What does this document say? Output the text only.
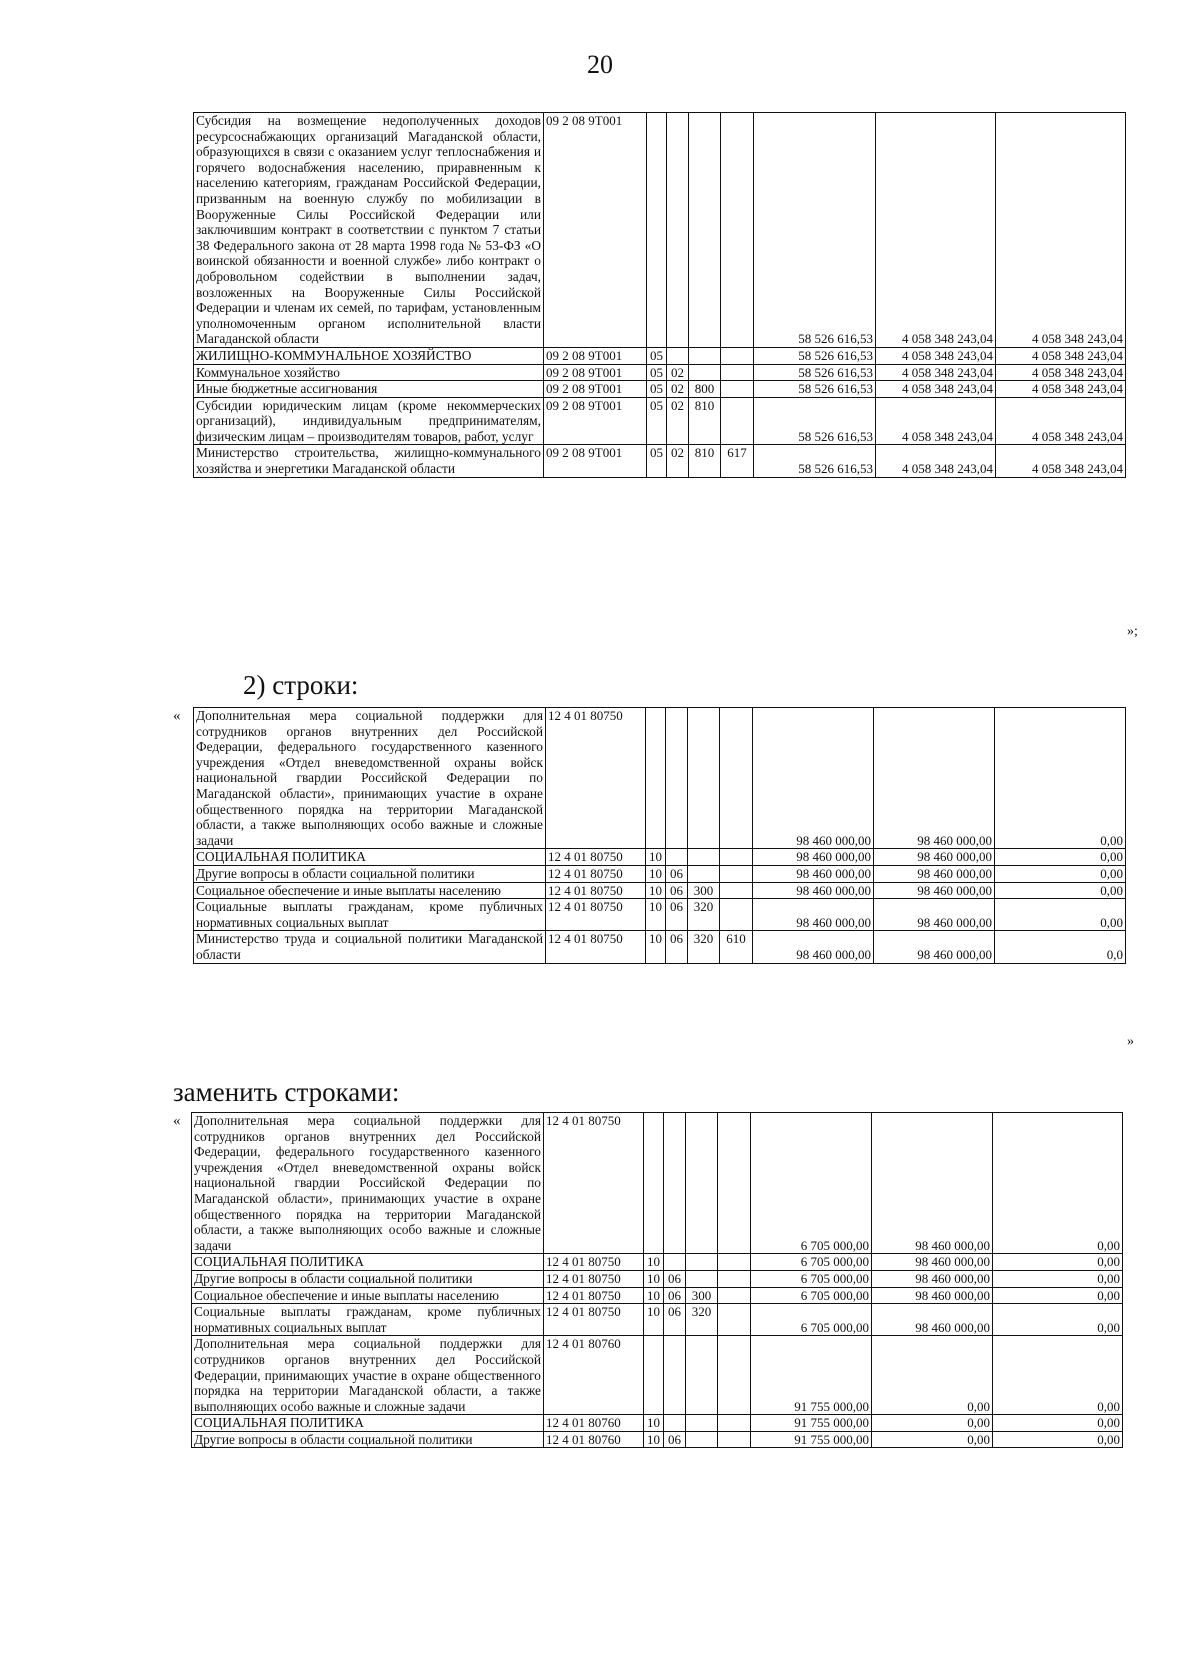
20
Субсидия на возмещение недополученных доходов ресурсоснабжающих организаций Магаданской области, образующихся в связи с оказанием услуг теплоснабжения и горячего водоснабжения населению, приравненным к населению категориям, гражданам Российской Федерации, призванным на военную службу по мобилизации в Вооруженные Силы Российской Федерации или заключившим контракт в соответствии с пунктом 7 статьи 38 Федерального закона от 28 марта 1998 года № 53-ФЗ «О воинской обязанности и военной службе» либо контракт о добровольном содействии в выполнении задач, возложенных на Вооруженные Силы Российской Федерации и членам их семей, по тарифам, установленным уполномоченным органом исполнительной власти Магаданской области	09 2 08 9Т001					58 526 616,53	4 058 348 243,04	4 058 348 243,04
ЖИЛИЩНО-КОММУНАЛЬНОЕ ХОЗЯЙСТВО	09 2 08 9Т001	05				58 526 616,53	4 058 348 243,04	4 058 348 243,04
Коммунальное хозяйство	09 2 08 9Т001	05	02			58 526 616,53	4 058 348 243,04	4 058 348 243,04
Иные бюджетные ассигнования	09 2 08 9Т001	05	02	800		58 526 616,53	4 058 348 243,04	4 058 348 243,04
Субсидии юридическим лицам (кроме некоммерческих организаций), индивидуальным предпринимателям, физическим лицам – производителям товаров, работ, услуг	09 2 08 9Т001	05	02	810		58 526 616,53	4 058 348 243,04	4 058 348 243,04
Министерство строительства, жилищно-коммунального хозяйства и энергетики Магаданской области	09 2 08 9Т001	05	02	810	617	58 526 616,53	4 058 348 243,04	4 058 348 243,04
»;
2) строки:
« Дополнительная мера социальной поддержки для сотрудников органов внутренних дел Российской Федерации, федерального государственного казенного учреждения «Отдел вневедомственной охраны войск национальной гвардии Российской Федерации по Магаданской области», принимающих участие в охране общественного порядка на территории Магаданской области, а также выполняющих особо важные и сложные задачи	12 4 01 80750					98 460 000,00	98 460 000,00	0,00
СОЦИАЛЬНАЯ ПОЛИТИКА	12 4 01 80750	10				98 460 000,00	98 460 000,00	0,00
Другие вопросы в области социальной политики	12 4 01 80750	10	06			98 460 000,00	98 460 000,00	0,00
Социальное обеспечение и иные выплаты населению	12 4 01 80750	10	06	300		98 460 000,00	98 460 000,00	0,00
Социальные выплаты гражданам, кроме публичных нормативных социальных выплат	12 4 01 80750	10	06	320		98 460 000,00	98 460 000,00	0,00
Министерство труда и социальной политики Магаданской области	12 4 01 80750	10	06	320	610	98 460 000,00	98 460 000,00	0,0
»
заменить строками:
« Дополнительная мера социальной поддержки для сотрудников органов внутренних дел Российской Федерации, федерального государственного казенного учреждения «Отдел вневедомственной охраны войск национальной гвардии Российской Федерации по Магаданской области», принимающих участие в охране общественного порядка на территории Магаданской области, а также выполняющих особо важные и сложные задачи	12 4 01 80750					6 705 000,00	98 460 000,00	0,00
СОЦИАЛЬНАЯ ПОЛИТИКА	12 4 01 80750	10				6 705 000,00	98 460 000,00	0,00
Другие вопросы в области социальной политики	12 4 01 80750	10	06			6 705 000,00	98 460 000,00	0,00
Социальное обеспечение и иные выплаты населению	12 4 01 80750	10	06	300		6 705 000,00	98 460 000,00	0,00
Социальные выплаты гражданам, кроме публичных нормативных социальных выплат	12 4 01 80750	10	06	320		6 705 000,00	98 460 000,00	0,00
Дополнительная мера социальной поддержки для сотрудников органов внутренних дел Российской Федерации, принимающих участие в охране общественного порядка на территории Магаданской области, а также выполняющих особо важные и сложные задачи	12 4 01 80760					91 755 000,00	0,00	0,00
СОЦИАЛЬНАЯ ПОЛИТИКА	12 4 01 80760	10				91 755 000,00	0,00	0,00
Другие вопросы в области социальной политики	12 4 01 80760	10	06			91 755 000,00	0,00	0,00
